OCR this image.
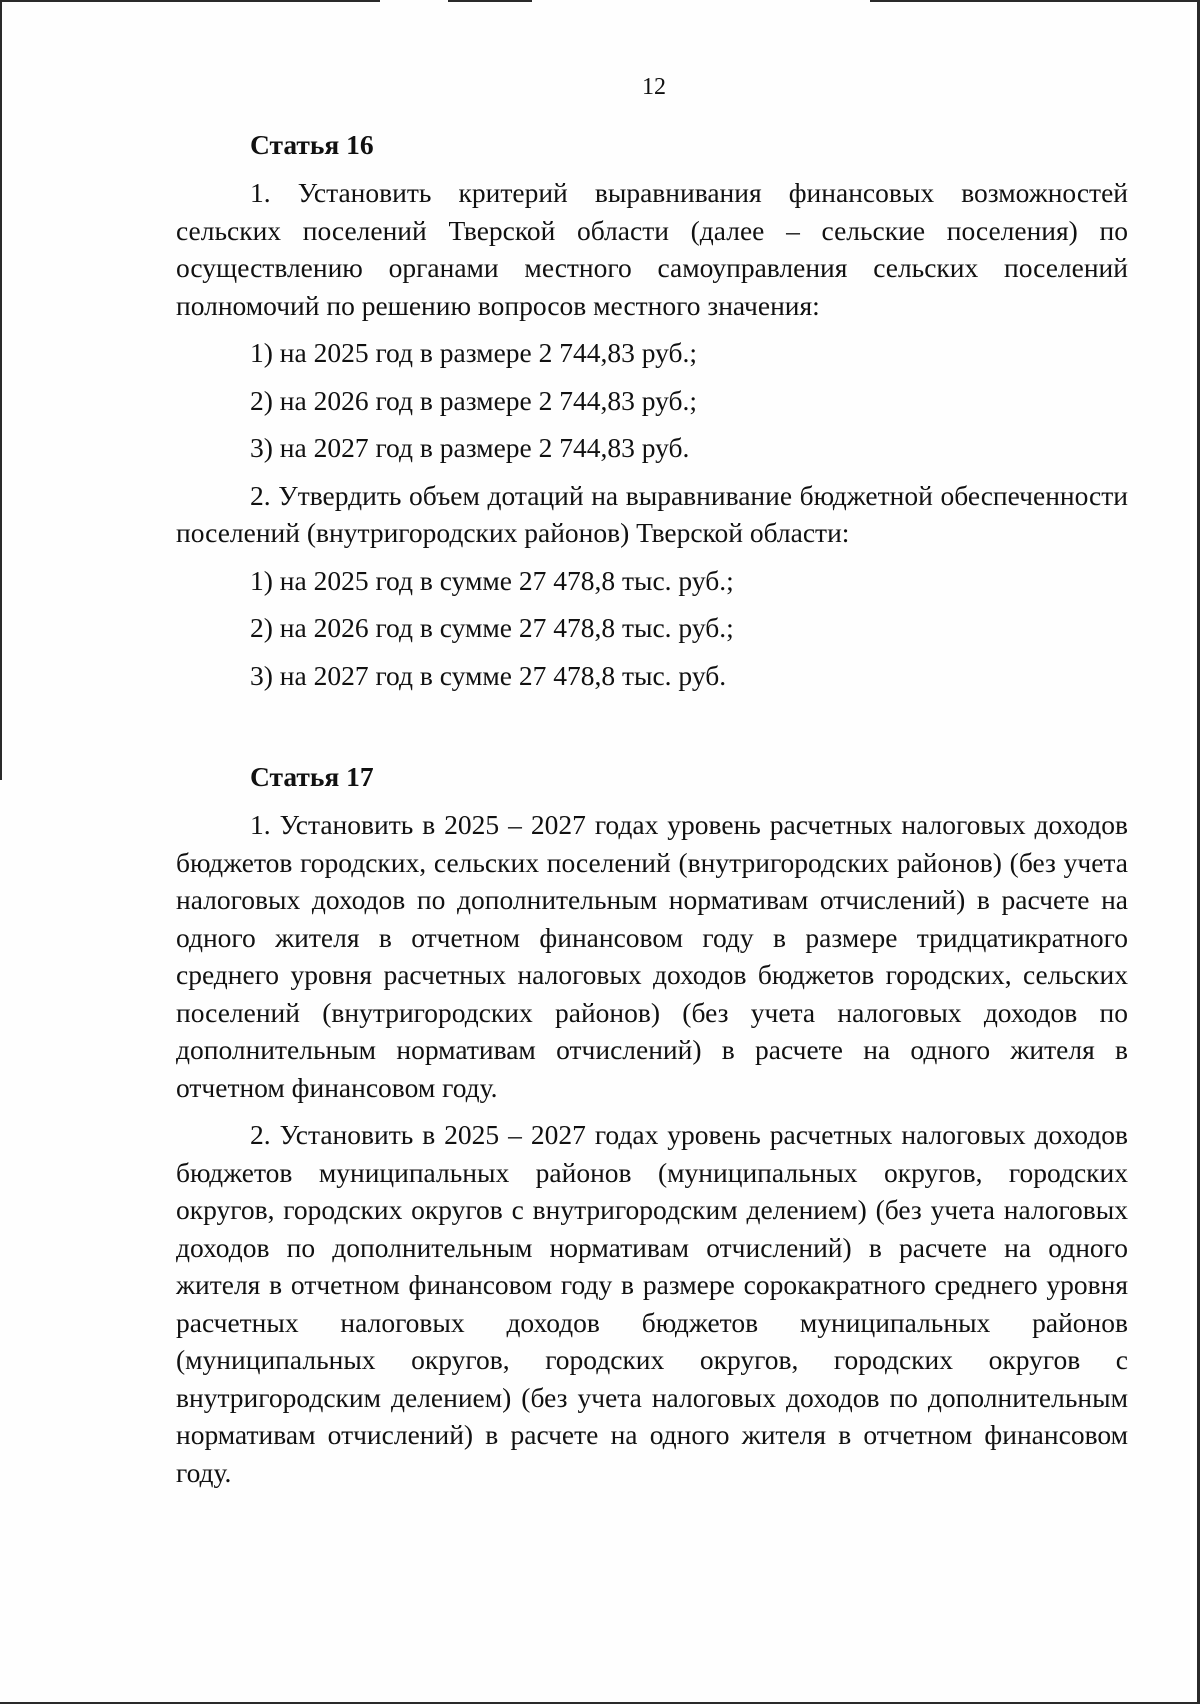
12

Статья 16

1. Установить критерий выравнивания финансовых возможностей сельских поселений Тверской области (далее – сельские поселения) по осуществлению органами местного самоуправления сельских поселений полномочий по решению вопросов местного значения:

1) на 2025 год в размере 2 744,83 руб.;

2) на 2026 год в размере 2 744,83 руб.;

3) на 2027 год в размере 2 744,83 руб.

2. Утвердить объем дотаций на выравнивание бюджетной обеспеченности поселений (внутригородских районов) Тверской области:

1) на 2025 год в сумме 27 478,8 тыс. руб.;

2) на 2026 год в сумме 27 478,8 тыс. руб.;

3) на 2027 год в сумме 27 478,8 тыс. руб.

Статья 17

1. Установить в 2025 – 2027 годах уровень расчетных налоговых доходов бюджетов городских, сельских поселений (внутригородских районов) (без учета налоговых доходов по дополнительным нормативам отчислений) в расчете на одного жителя в отчетном финансовом году в размере тридцатикратного среднего уровня расчетных налоговых доходов бюджетов городских, сельских поселений (внутригородских районов) (без учета налоговых доходов по дополнительным нормативам отчислений) в расчете на одного жителя в отчетном финансовом году.

2. Установить в 2025 – 2027 годах уровень расчетных налоговых доходов бюджетов муниципальных районов (муниципальных округов, городских округов, городских округов с внутригородским делением) (без учета налоговых доходов по дополнительным нормативам отчислений) в расчете на одного жителя в отчетном финансовом году в размере сорокакратного среднего уровня расчетных налоговых доходов бюджетов муниципальных районов (муниципальных округов, городских округов, городских округов с внутригородским делением) (без учета налоговых доходов по дополнительным нормативам отчислений) в расчете на одного жителя в отчетном финансовом году.
